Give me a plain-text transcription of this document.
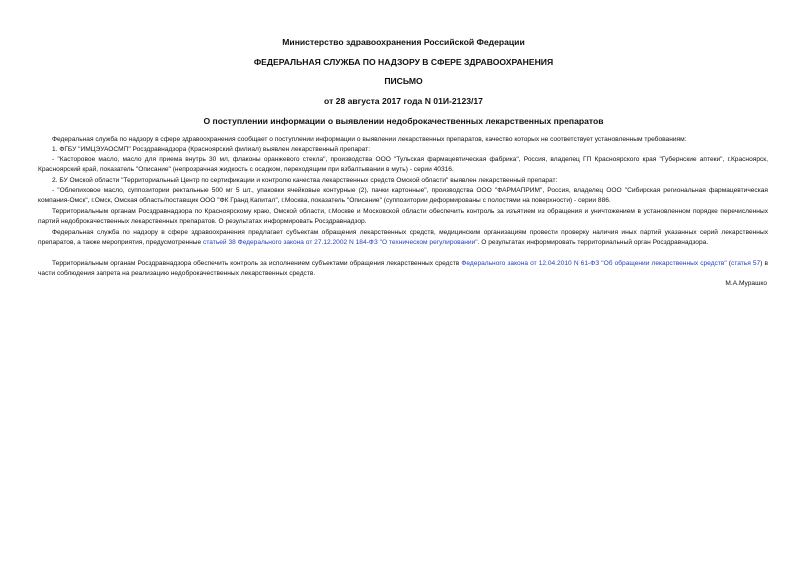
Министерство здравоохранения Российской Федерации
ФЕДЕРАЛЬНАЯ СЛУЖБА ПО НАДЗОРУ В СФЕРЕ ЗДРАВООХРАНЕНИЯ
ПИСЬМО
от 28 августа 2017 года N 01И-2123/17
О поступлении информации о выявлении недоброкачественных лекарственных препаратов
Федеральная служба по надзору в сфере здравоохранения сообщает о поступлении информации о выявлении лекарственных препаратов, качество которых не соответствует установленным требованиям:
1. ФГБУ "ИМЦЭУАОСМП" Росздравнадзора (Красноярский филиал) выявлен лекарственный препарат:
- "Касторовое масло, масло для приема внутрь 30 мл, флаконы оранжевого стекла", производства ООО "Тульская фармацевтическая фабрика", Россия, владелец ГП Красноярского края "Губернские аптеки", г.Красноярск, Красноярский край, показатель "Описание" (непрозрачная жидкость с осадком, переходящим при взбалтывании в муть) - серии 40316.
2. БУ Омской области "Территориальный Центр по сертификации и контролю качества лекарственных средств Омской области" выявлен лекарственный препарат:
- "Облепиховое масло, суппозитории ректальные 500 мг 5 шт., упаковки ячейковые контурные (2), пачки картонные", производства ООО "ФАРМАПРИМ", Россия, владелец ООО "Сибирская региональная фармацевтическая компания-Омск", г.Омск, Омская область/поставщик ООО "ФК Гранд Капитал", г.Москва, показатель "Описание" (суппозитории деформированы с полостями на поверхности) - серии 886.
Территориальным органам Росздравнадзора по Красноярскому краю, Омской области, г.Москве и Московской области обеспечить контроль за изъятием из обращения и уничтожением в установленном порядке перечисленных партий недоброкачественных лекарственных препаратов. О результатах информировать Росздравнадзор.
Федеральная служба по надзору в сфере здравоохранения предлагает субъектам обращения лекарственных средств, медицинским организациям провести проверку наличия иных партий указанных серий лекарственных препаратов, а также мероприятия, предусмотренные статьей 38 Федерального закона от 27.12.2002 N 184-ФЗ "О техническом регулировании". О результатах информировать территориальный орган Росздравнадзора.
Территориальным органам Росздравнадзора обеспечить контроль за исполнением субъектами обращения лекарственных средств Федерального закона от 12.04.2010 N 61-ФЗ "Об обращении лекарственных средств" (статья 57) в части соблюдения запрета на реализацию недоброкачественных лекарственных средств.
М.А.Мурашко
